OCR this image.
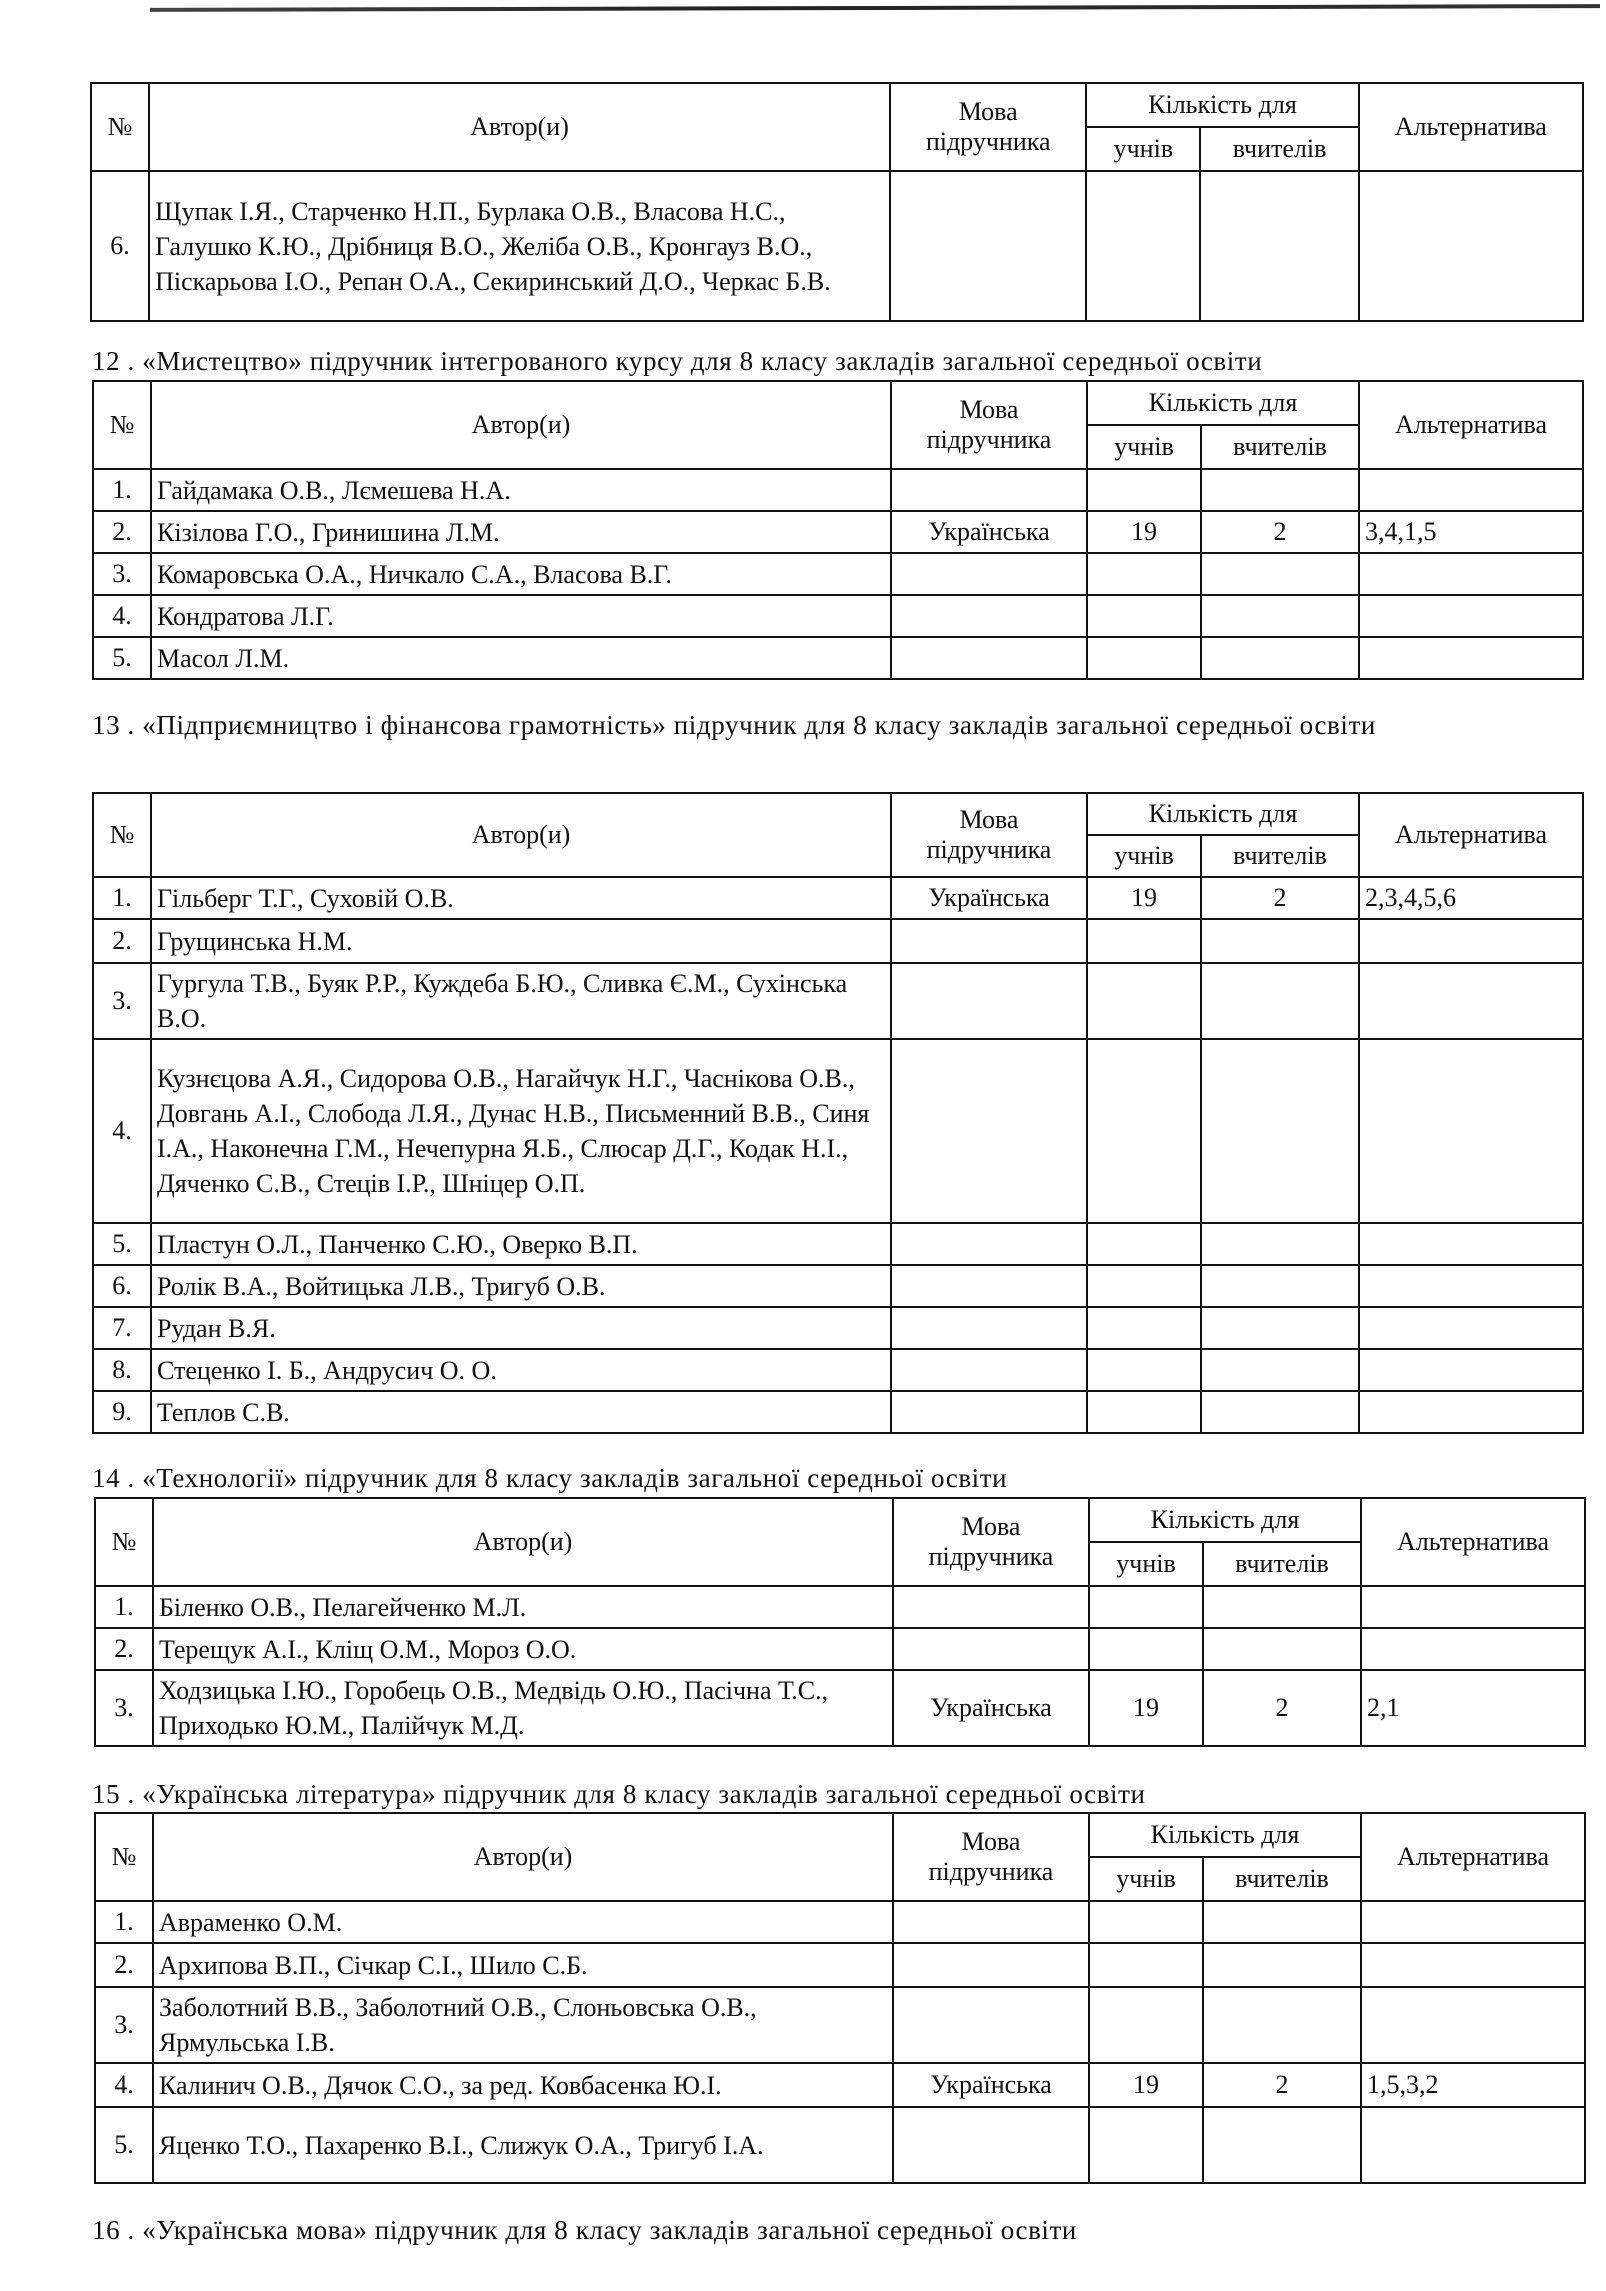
№	Автор(и)	Мова підручника	Кількість для		Альтернатива
			учнів	вчителів	
6.	Щупак І.Я., Старченко Н.П., Бурлака О.В., Власова Н.С., Галушко К.Ю., Дрібниця В.О., Желіба О.В., Кронгауз В.О., Піскарьова І.О., Репан О.А., Секиринський Д.О., Черкас Б.В.				
12 . «Мистецтво» підручник інтегрованого курсу для 8 класу закладів загальної середньої освіти
№	Автор(и)	Мова підручника	Кількість для		Альтернатива
			учнів	вчителів	
1.	Гайдамака О.В., Лємешева Н.А.				
2.	Кізілова Г.О., Гринишина Л.М.	Українська	19	2	3,4,1,5
3.	Комаровська О.А., Ничкало С.А., Власова В.Г.				
4.	Кондратова Л.Г.				
5.	Масол Л.М.				
13 . «Підприємництво і фінансова грамотність» підручник для 8 класу закладів загальної середньої освіти
№	Автор(и)	Мова підручника	Кількість для		Альтернатива
			учнів	вчителів	
1.	Гільберг Т.Г., Суховій О.В.	Українська	19	2	2,3,4,5,6
2.	Грущинська Н.М.				
3.	Гургула Т.В., Буяк Р.Р., Куждеба Б.Ю., Сливка Є.М., Сухінська В.О.				
4.	Кузнєцова А.Я., Сидорова О.В., Нагайчук Н.Г., Часнікова О.В., Довгань А.І., Слобода Л.Я., Дунас Н.В., Письменний В.В., Синя І.А., Наконечна Г.М., Нечепурна Я.Б., Слюсар Д.Г., Кодак Н.І., Дяченко С.В., Стеців І.Р., Шніцер О.П.				
5.	Пластун О.Л., Панченко С.Ю., Оверко В.П.				
6.	Ролік В.А., Войтицька Л.В., Тригуб О.В.				
7.	Рудан В.Я.				
8.	Стеценко І. Б., Андрусич О. О.				
9.	Теплов С.В.				
14 . «Технології» підручник для 8 класу закладів загальної середньої освіти
№	Автор(и)	Мова підручника	Кількість для		Альтернатива
			учнів	вчителів	
1.	Біленко О.В., Пелагейченко М.Л.				
2.	Терещук А.І., Кліщ О.М., Мороз О.О.				
3.	Ходзицька І.Ю., Горобець О.В., Медвідь О.Ю., Пасічна Т.С., Приходько Ю.М., Палійчук М.Д.	Українська	19	2	2,1
15 . «Українська література» підручник для 8 класу закладів загальної середньої освіти
№	Автор(и)	Мова підручника	Кількість для		Альтернатива
			учнів	вчителів	
1.	Авраменко О.М.				
2.	Архипова В.П., Січкар С.І., Шило С.Б.				
3.	Заболотний В.В., Заболотний О.В., Слоньовська О.В., Ярмульська І.В.				
4.	Калинич О.В., Дячок С.О., за ред. Ковбасенка Ю.І.	Українська	19	2	1,5,3,2
5.	Яценко Т.О., Пахаренко В.І., Слижук О.А., Тригуб І.А.				
16 . «Українська мова» підручник для 8 класу закладів загальної середньої освіти
